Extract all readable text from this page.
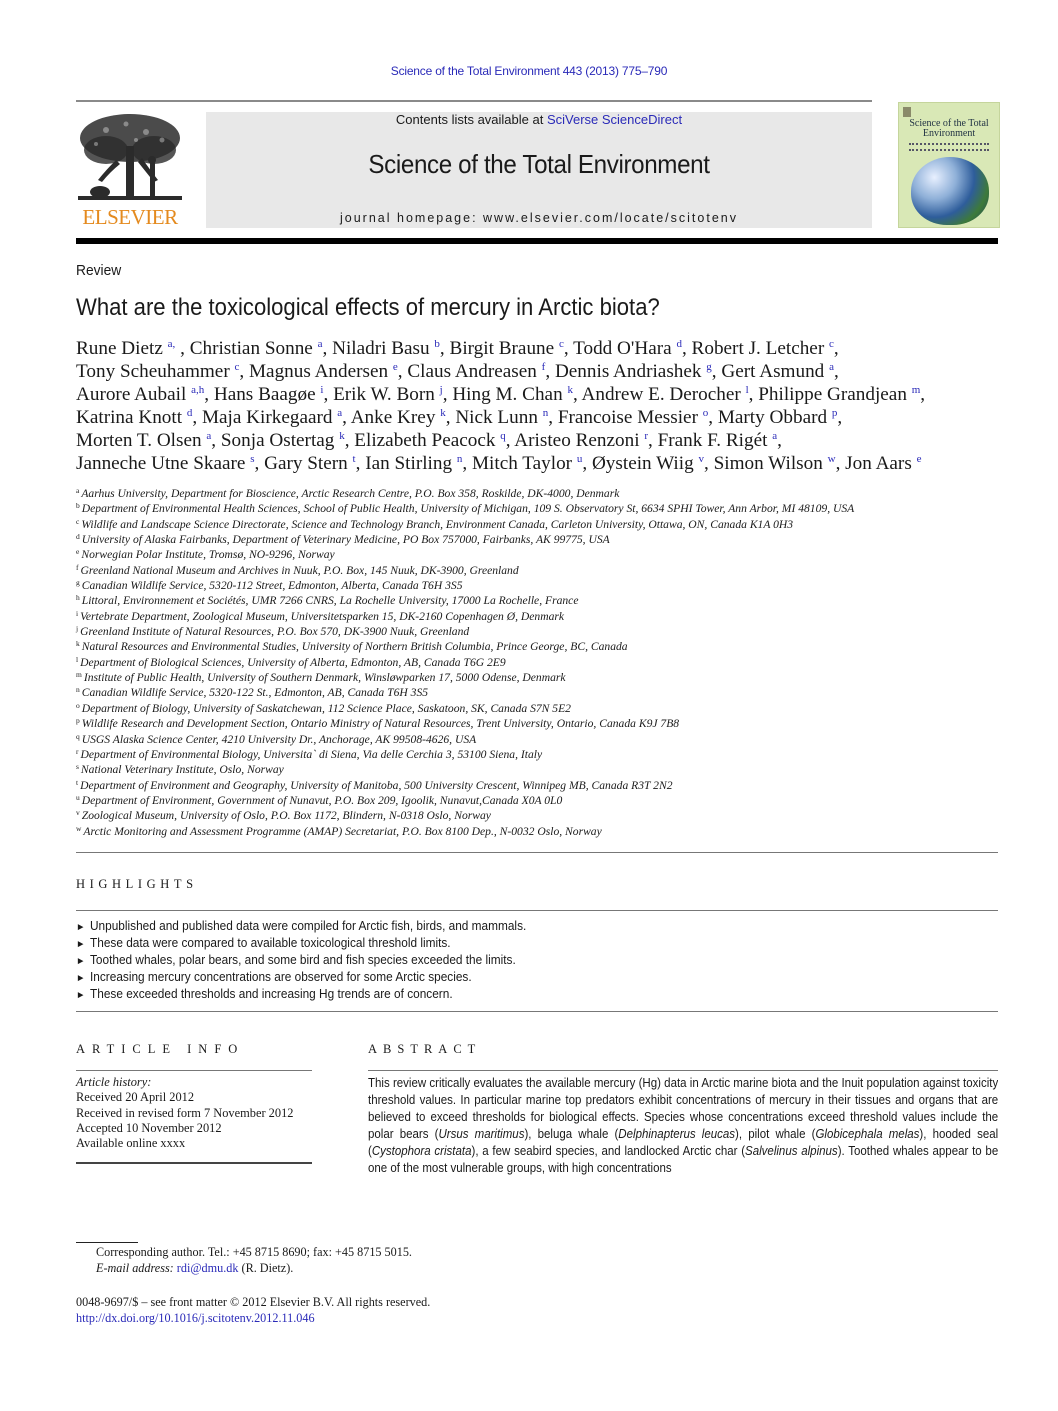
Science of the Total Environment 443 (2013) 775–790
ELSEVIER
Contents lists available at SciVerse ScienceDirect
Science of the Total Environment
journal homepage: www.elsevier.com/locate/scitotenv
Science of the Total Environment
Review
What are the toxicological effects of mercury in Arctic biota?
Rune Dietz $^{a,}$ , Christian Sonne $^a$, Niladri Basu $^b$, Birgit Braune $^c$, Todd O'Hara $^d$, Robert J. Letcher $^c$,
Tony Scheuhammer $^c$, Magnus Andersen $^e$, Claus Andreasen $^f$, Dennis Andriashek $^g$, Gert Asmund $^a$,
Aurore Aubail $^{a,h}$, Hans Baagøe $^i$, Erik W. Born $^j$, Hing M. Chan $^k$, Andrew E. Derocher $^l$, Philippe Grandjean $^m$,
Katrina Knott $^d$, Maja Kirkegaard $^a$, Anke Krey $^k$, Nick Lunn $^n$, Francoise Messier $^o$, Marty Obbard $^p$,
Morten T. Olsen $^a$, Sonja Ostertag $^k$, Elizabeth Peacock $^q$, Aristeo Renzoni $^r$, Frank F. Rigét $^a$,
Janneche Utne Skaare $^s$, Gary Stern $^t$, Ian Stirling $^n$, Mitch Taylor $^u$, Øystein Wiig $^v$, Simon Wilson $^w$, Jon Aars $^e$
$^a$ Aarhus University, Department for Bioscience, Arctic Research Centre, P.O. Box 358, Roskilde, DK-4000, Denmark
$^b$ Department of Environmental Health Sciences, School of Public Health, University of Michigan, 109 S. Observatory St, 6634 SPHI Tower, Ann Arbor, MI 48109, USA
$^c$ Wildlife and Landscape Science Directorate, Science and Technology Branch, Environment Canada, Carleton University, Ottawa, ON, Canada K1A 0H3
$^d$ University of Alaska Fairbanks, Department of Veterinary Medicine, PO Box 757000, Fairbanks, AK 99775, USA
$^e$ Norwegian Polar Institute, Tromsø, NO-9296, Norway
$^f$ Greenland National Museum and Archives in Nuuk, P.O. Box, 145 Nuuk, DK-3900, Greenland
$^g$ Canadian Wildlife Service, 5320-112 Street, Edmonton, Alberta, Canada T6H 3S5
$^h$ Littoral, Environnement et Sociétés, UMR 7266 CNRS, La Rochelle University, 17000 La Rochelle, France
$^i$ Vertebrate Department, Zoological Museum, Universitetsparken 15, DK-2160 Copenhagen Ø, Denmark
$^j$ Greenland Institute of Natural Resources, P.O. Box 570, DK-3900 Nuuk, Greenland
$^k$ Natural Resources and Environmental Studies, University of Northern British Columbia, Prince George, BC, Canada
$^l$ Department of Biological Sciences, University of Alberta, Edmonton, AB, Canada T6G 2E9
$^m$ Institute of Public Health, University of Southern Denmark, Winsløwparken 17, 5000 Odense, Denmark
$^n$ Canadian Wildlife Service, 5320-122 St., Edmonton, AB, Canada T6H 3S5
$^o$ Department of Biology, University of Saskatchewan, 112 Science Place, Saskatoon, SK, Canada S7N 5E2
$^p$ Wildlife Research and Development Section, Ontario Ministry of Natural Resources, Trent University, Ontario, Canada K9J 7B8
$^q$ USGS Alaska Science Center, 4210 University Dr., Anchorage, AK 99508-4626, USA
$^r$ Department of Environmental Biology, Universita` di Siena, Via delle Cerchia 3, 53100 Siena, Italy
$^s$ National Veterinary Institute, Oslo, Norway
$^t$ Department of Environment and Geography, University of Manitoba, 500 University Crescent, Winnipeg MB, Canada R3T 2N2
$^u$ Department of Environment, Government of Nunavut, P.O. Box 209, Igoolik, Nunavut,Canada X0A 0L0
$^v$ Zoological Museum, University of Oslo, P.O. Box 1172, Blindern, N-0318 Oslo, Norway
$^w$ Arctic Monitoring and Assessment Programme (AMAP) Secretariat, P.O. Box 8100 Dep., N-0032 Oslo, Norway
HIGHLIGHTS
► Unpublished and published data were compiled for Arctic fish, birds, and mammals.
► These data were compared to available toxicological threshold limits.
► Toothed whales, polar bears, and some bird and fish species exceeded the limits.
► Increasing mercury concentrations are observed for some Arctic species.
► These exceeded thresholds and increasing Hg trends are of concern.
ARTICLE INFO
Article history:
Received 20 April 2012
Received in revised form 7 November 2012
Accepted 10 November 2012
Available online xxxx
ABSTRACT

This review critically evaluates the available mercury (Hg) data in Arctic marine biota and the Inuit population against toxicity threshold values. In particular marine top predators exhibit concentrations of mercury in their tissues and organs that are believed to exceed thresholds for biological effects. Species whose concentrations exceed threshold values include the polar bears (Ursus maritimus), beluga whale (Delphinapterus leucas), pilot whale (Globicephala melas), hooded seal (Cystophora cristata), a few seabird species, and landlocked Arctic char (Salvelinus alpinus). Toothed whales appear to be one of the most vulnerable groups, with high concentrations

Corresponding author. Tel.: +45 8715 8690; fax: +45 8715 5015.
E-mail address: rdi@dmu.dk (R. Dietz).
0048-9697/$ – see front matter © 2012 Elsevier B.V. All rights reserved.
http://dx.doi.org/10.1016/j.scitotenv.2012.11.046
